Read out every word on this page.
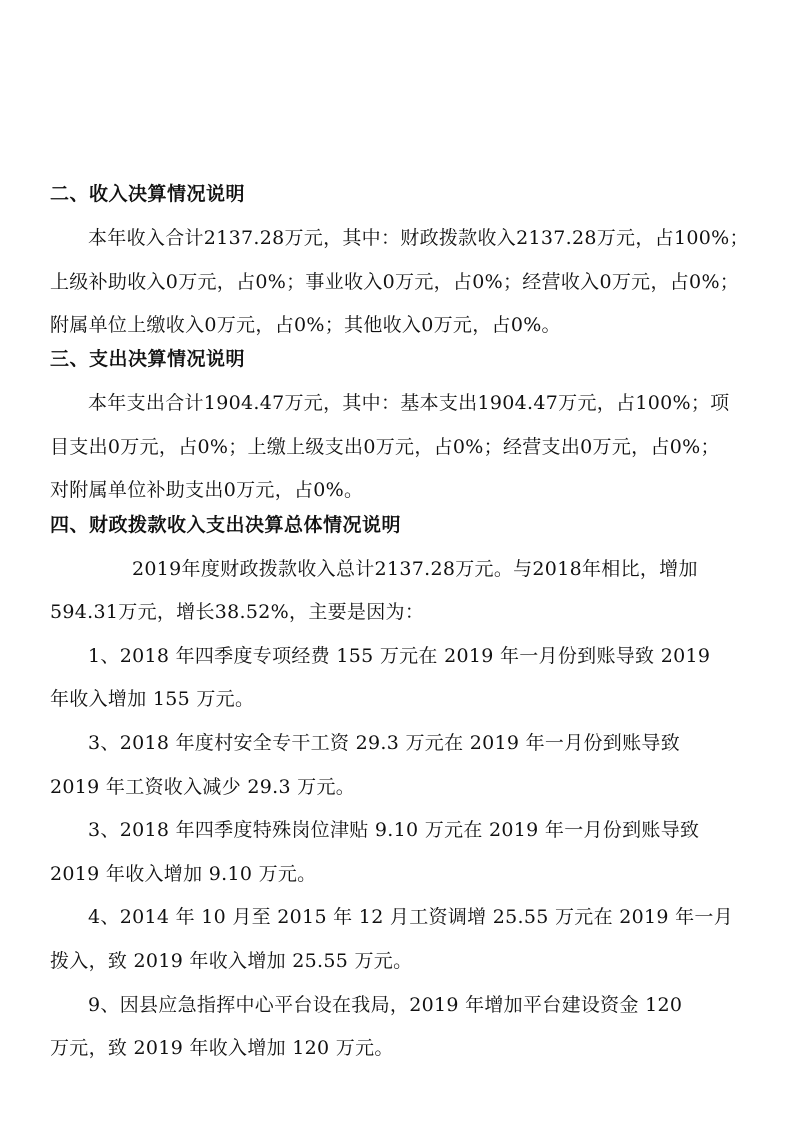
二、收入决算情况说明
本年收入合计2137.28万元，其中：财政拨款收入2137.28万元，占100%；
上级补助收入0万元，占0%；事业收入0万元，占0%；经营收入0万元，占0%；
附属单位上缴收入0万元，占0%；其他收入0万元，占0%。
三、支出决算情况说明
本年支出合计1904.47万元，其中：基本支出1904.47万元，占100%；项
目支出0万元，占0%；上缴上级支出0万元，占0%；经营支出0万元，占0%；
对附属单位补助支出0万元，占0%。
四、财政拨款收入支出决算总体情况说明
2019年度财政拨款收入总计2137.28万元。与2018年相比，增加
594.31万元，增长38.52%，主要是因为：
1、2018 年四季度专项经费 155 万元在 2019 年一月份到账导致 2019
年收入增加 155 万元。
3、2018 年度村安全专干工资 29.3 万元在 2019 年一月份到账导致
2019 年工资收入减少 29.3 万元。
3、2018 年四季度特殊岗位津贴 9.10 万元在 2019 年一月份到账导致
2019 年收入增加 9.10 万元。
4、2014 年 10 月至 2015 年 12 月工资调增 25.55 万元在 2019 年一月
拨入，致 2019 年收入增加 25.55 万元。
9、因县应急指挥中心平台设在我局，2019 年增加平台建设资金 120
万元，致 2019 年收入增加 120 万元。
